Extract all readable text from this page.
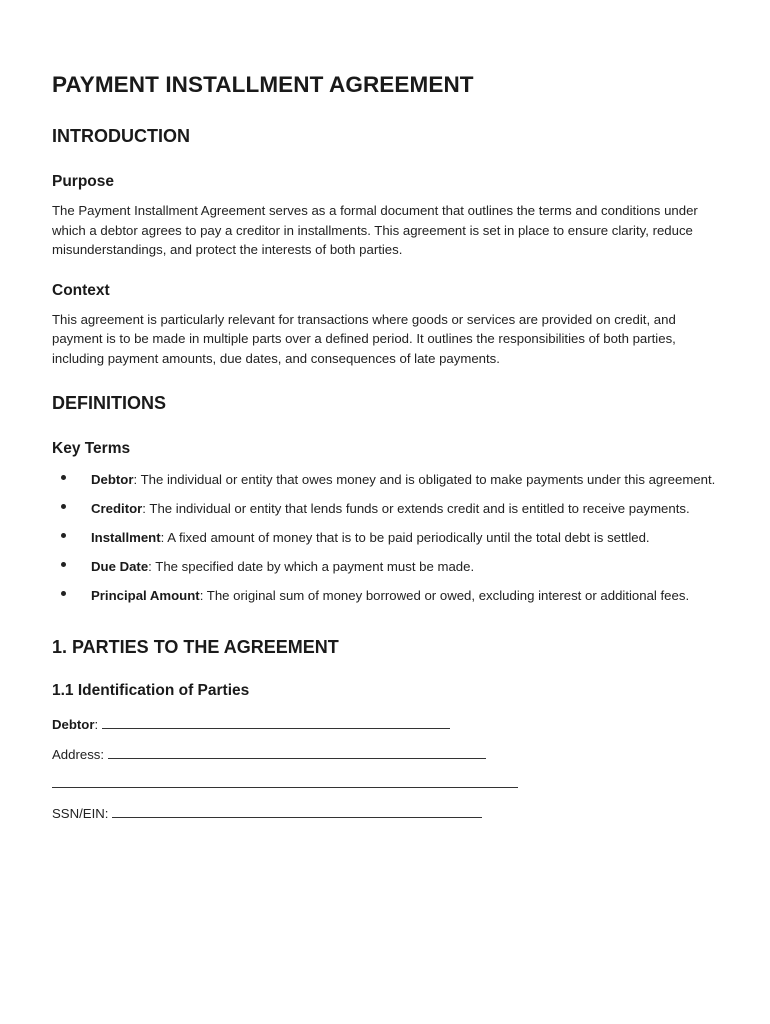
PAYMENT INSTALLMENT AGREEMENT
INTRODUCTION
Purpose

The Payment Installment Agreement serves as a formal document that outlines the terms and conditions under which a debtor agrees to pay a creditor in installments. This agreement is set in place to ensure clarity, reduce misunderstandings, and protect the interests of both parties.

Context

This agreement is particularly relevant for transactions where goods or services are provided on credit, and payment is to be made in multiple parts over a defined period. It outlines the responsibilities of both parties, including payment amounts, due dates, and consequences of late payments.

DEFINITIONS
Key Terms
Debtor: The individual or entity that owes money and is obligated to make payments under this agreement.
Creditor: The individual or entity that lends funds or extends credit and is entitled to receive payments.
Installment: A fixed amount of money that is to be paid periodically until the total debt is settled.
Due Date: The specified date by which a payment must be made.
Principal Amount: The original sum of money borrowed or owed, excluding interest or additional fees.
1. PARTIES TO THE AGREEMENT
1.1 Identification of Parties
Debtor:
Address:
SSN/EIN:
